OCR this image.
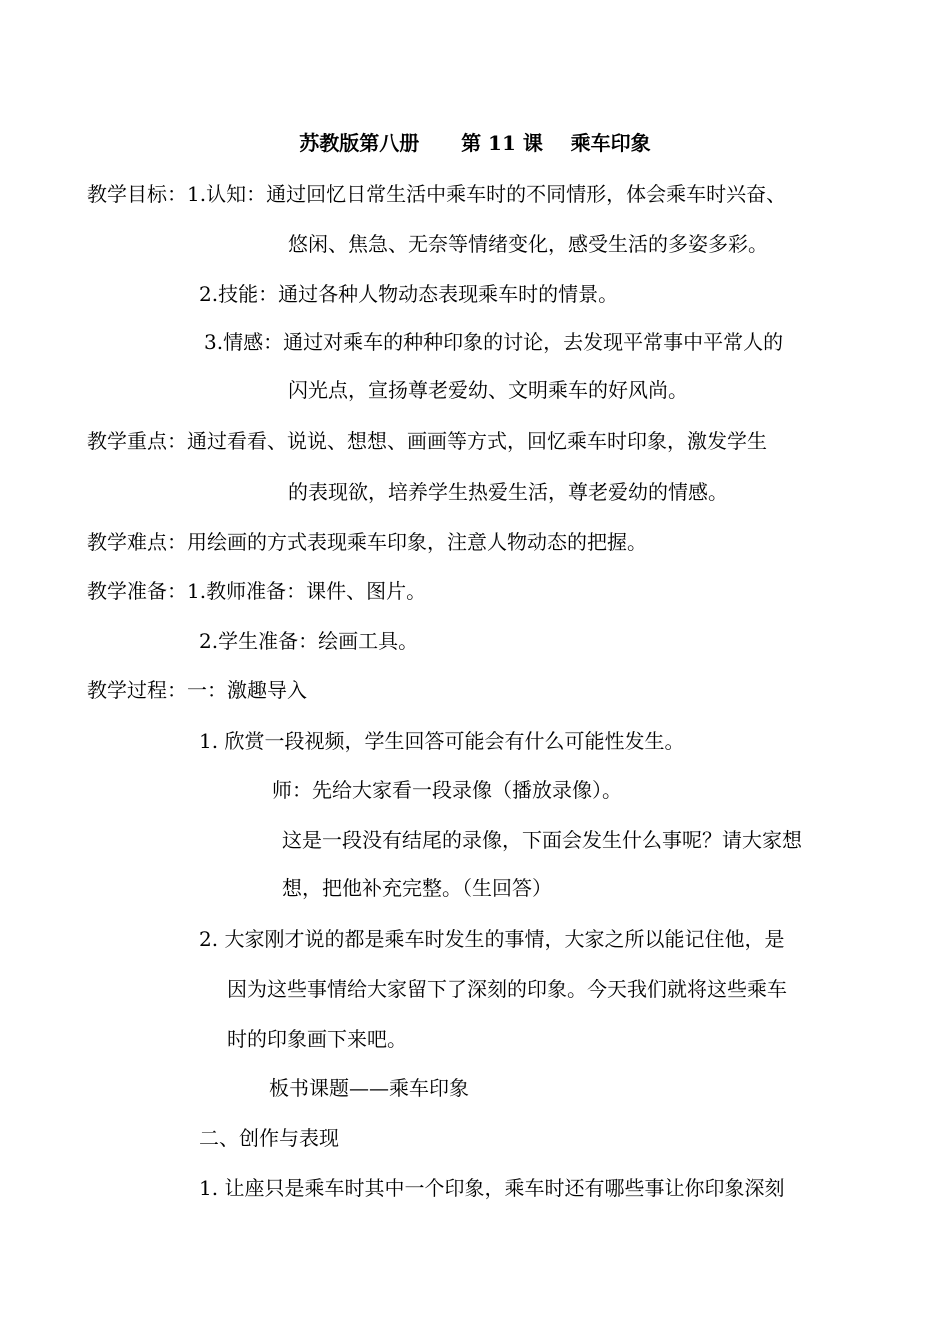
苏教版第八册      第 11 课    乘车印象
教学目标：1.认知：通过回忆日常生活中乘车时的不同情形，体会乘车时兴奋、
悠闲、焦急、无奈等情绪变化，感受生活的多姿多彩。
2.技能：通过各种人物动态表现乘车时的情景。
3.情感：通过对乘车的种种印象的讨论，去发现平常事中平常人的
闪光点，宣扬尊老爱幼、文明乘车的好风尚。
教学重点：通过看看、说说、想想、画画等方式，回忆乘车时印象，激发学生
的表现欲，培养学生热爱生活，尊老爱幼的情感。
教学难点：用绘画的方式表现乘车印象，注意人物动态的把握。
教学准备：1.教师准备：课件、图片。
2.学生准备：绘画工具。
教学过程：一：激趣导入
1. 欣赏一段视频，学生回答可能会有什么可能性发生。
师：先给大家看一段录像（播放录像）。
这是一段没有结尾的录像，下面会发生什么事呢？请大家想
想，把他补充完整。（生回答）
2. 大家刚才说的都是乘车时发生的事情，大家之所以能记住他，是
因为这些事情给大家留下了深刻的印象。今天我们就将这些乘车
时的印象画下来吧。
板书课题——乘车印象
二、创作与表现
1. 让座只是乘车时其中一个印象，乘车时还有哪些事让你印象深刻
